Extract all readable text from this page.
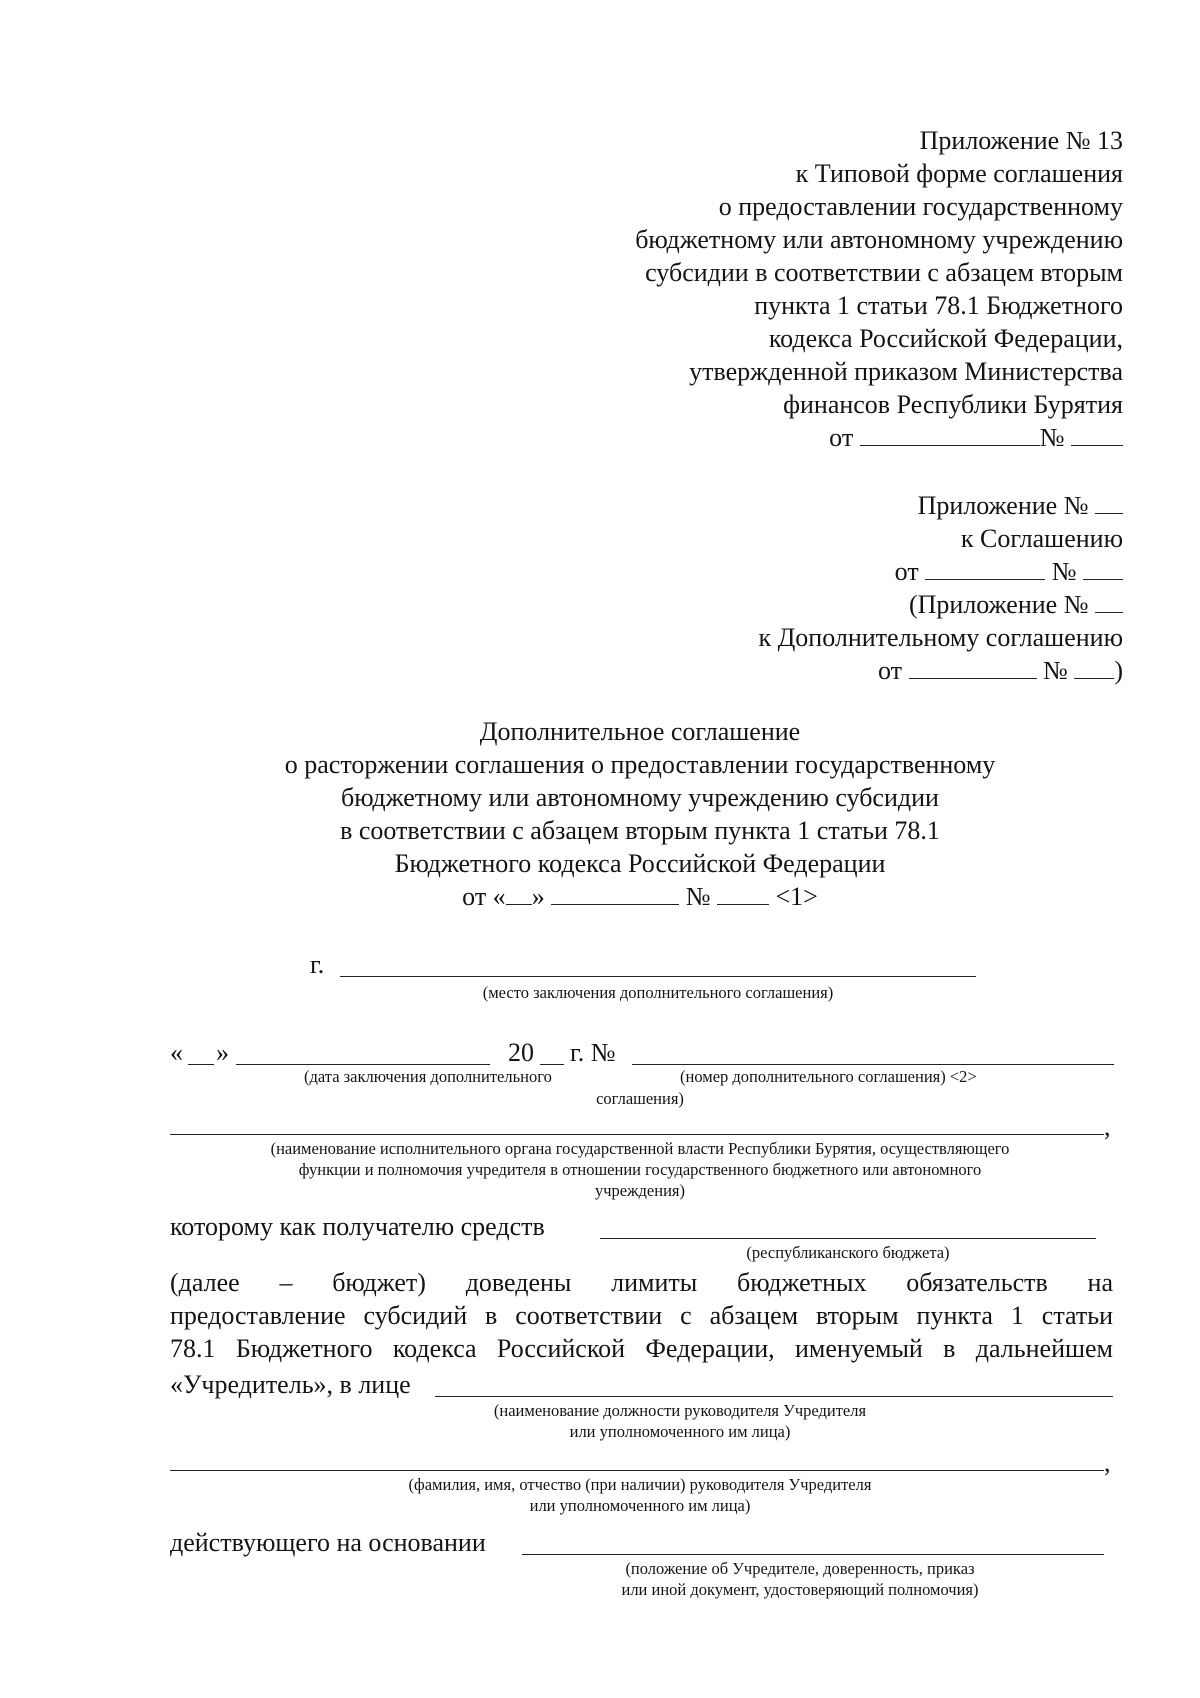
Приложение № 13
к Типовой форме соглашения
о предоставлении государственному
бюджетному или автономному учреждению
субсидии в соответствии с абзацем вторым
пункта 1 статьи 78.1 Бюджетного
кодекса Российской Федерации,
утвержденной приказом Министерства
финансов Республики Бурятия
от	№
Приложение №
к Соглашению
от	№
(Приложение №
к Дополнительному соглашению
от	№ )
Дополнительное соглашение
о расторжении соглашения о предоставлении государственному
бюджетному или автономному учреждению субсидии
в соответствии с абзацем вторым пункта 1 статьи 78.1
Бюджетного кодекса Российской Федерации
от « »	№	<1>
г.
(место заключения дополнительного соглашения)
« »	20 г. №
(дата заключения дополнительного	(номер дополнительного соглашения) <2>
соглашения)
,
(наименование исполнительного органа государственной власти Республики Бурятия, осуществляющего
функции и полномочия учредителя в отношении государственного бюджетного или автономного
учреждения)
которому как получателю средств
(республиканского бюджета)
(далее – бюджет) доведены лимиты бюджетных обязательств на
предоставление субсидий в соответствии с абзацем вторым пункта 1 статьи
78.1 Бюджетного кодекса Российской Федерации, именуемый в дальнейшем
«Учредитель», в лице
(наименование должности руководителя Учредителя
или уполномоченного им лица)
,
(фамилия, имя, отчество (при наличии) руководителя Учредителя
или уполномоченного им лица)
действующего на основании
(положение об Учредителе, доверенность, приказ
или иной документ, удостоверяющий полномочия)
